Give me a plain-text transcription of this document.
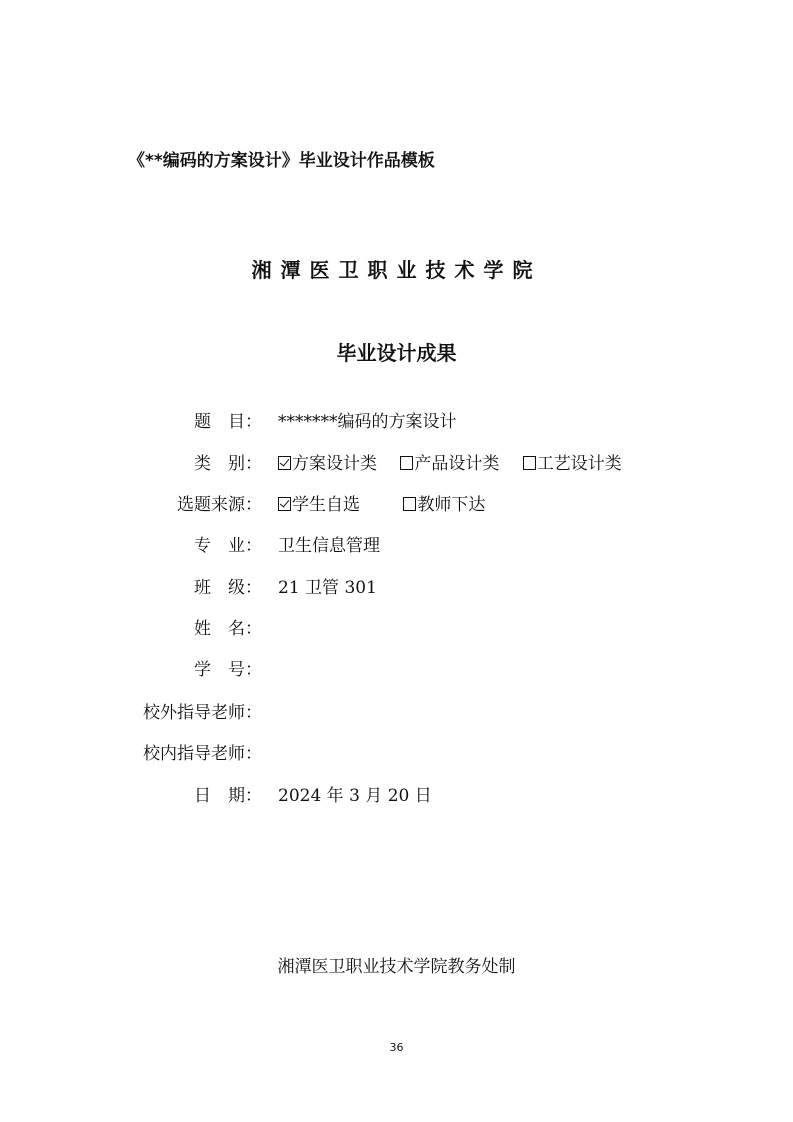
《**编码的方案设计》毕业设计作品模板
湘潭医卫职业技术学院
毕业设计成果
题　目： *******编码的方案设计
类　别：	方案设计类 产品设计类 工艺设计类
选题来源：	学生自选	教师下达
专　业： 卫生信息管理
班　级： 21 卫管 301
姓　名：
学　号：
校外指导老师：
校内指导老师：
日　期： 2024 年 3 月 20 日
湘潭医卫职业技术学院教务处制
36
